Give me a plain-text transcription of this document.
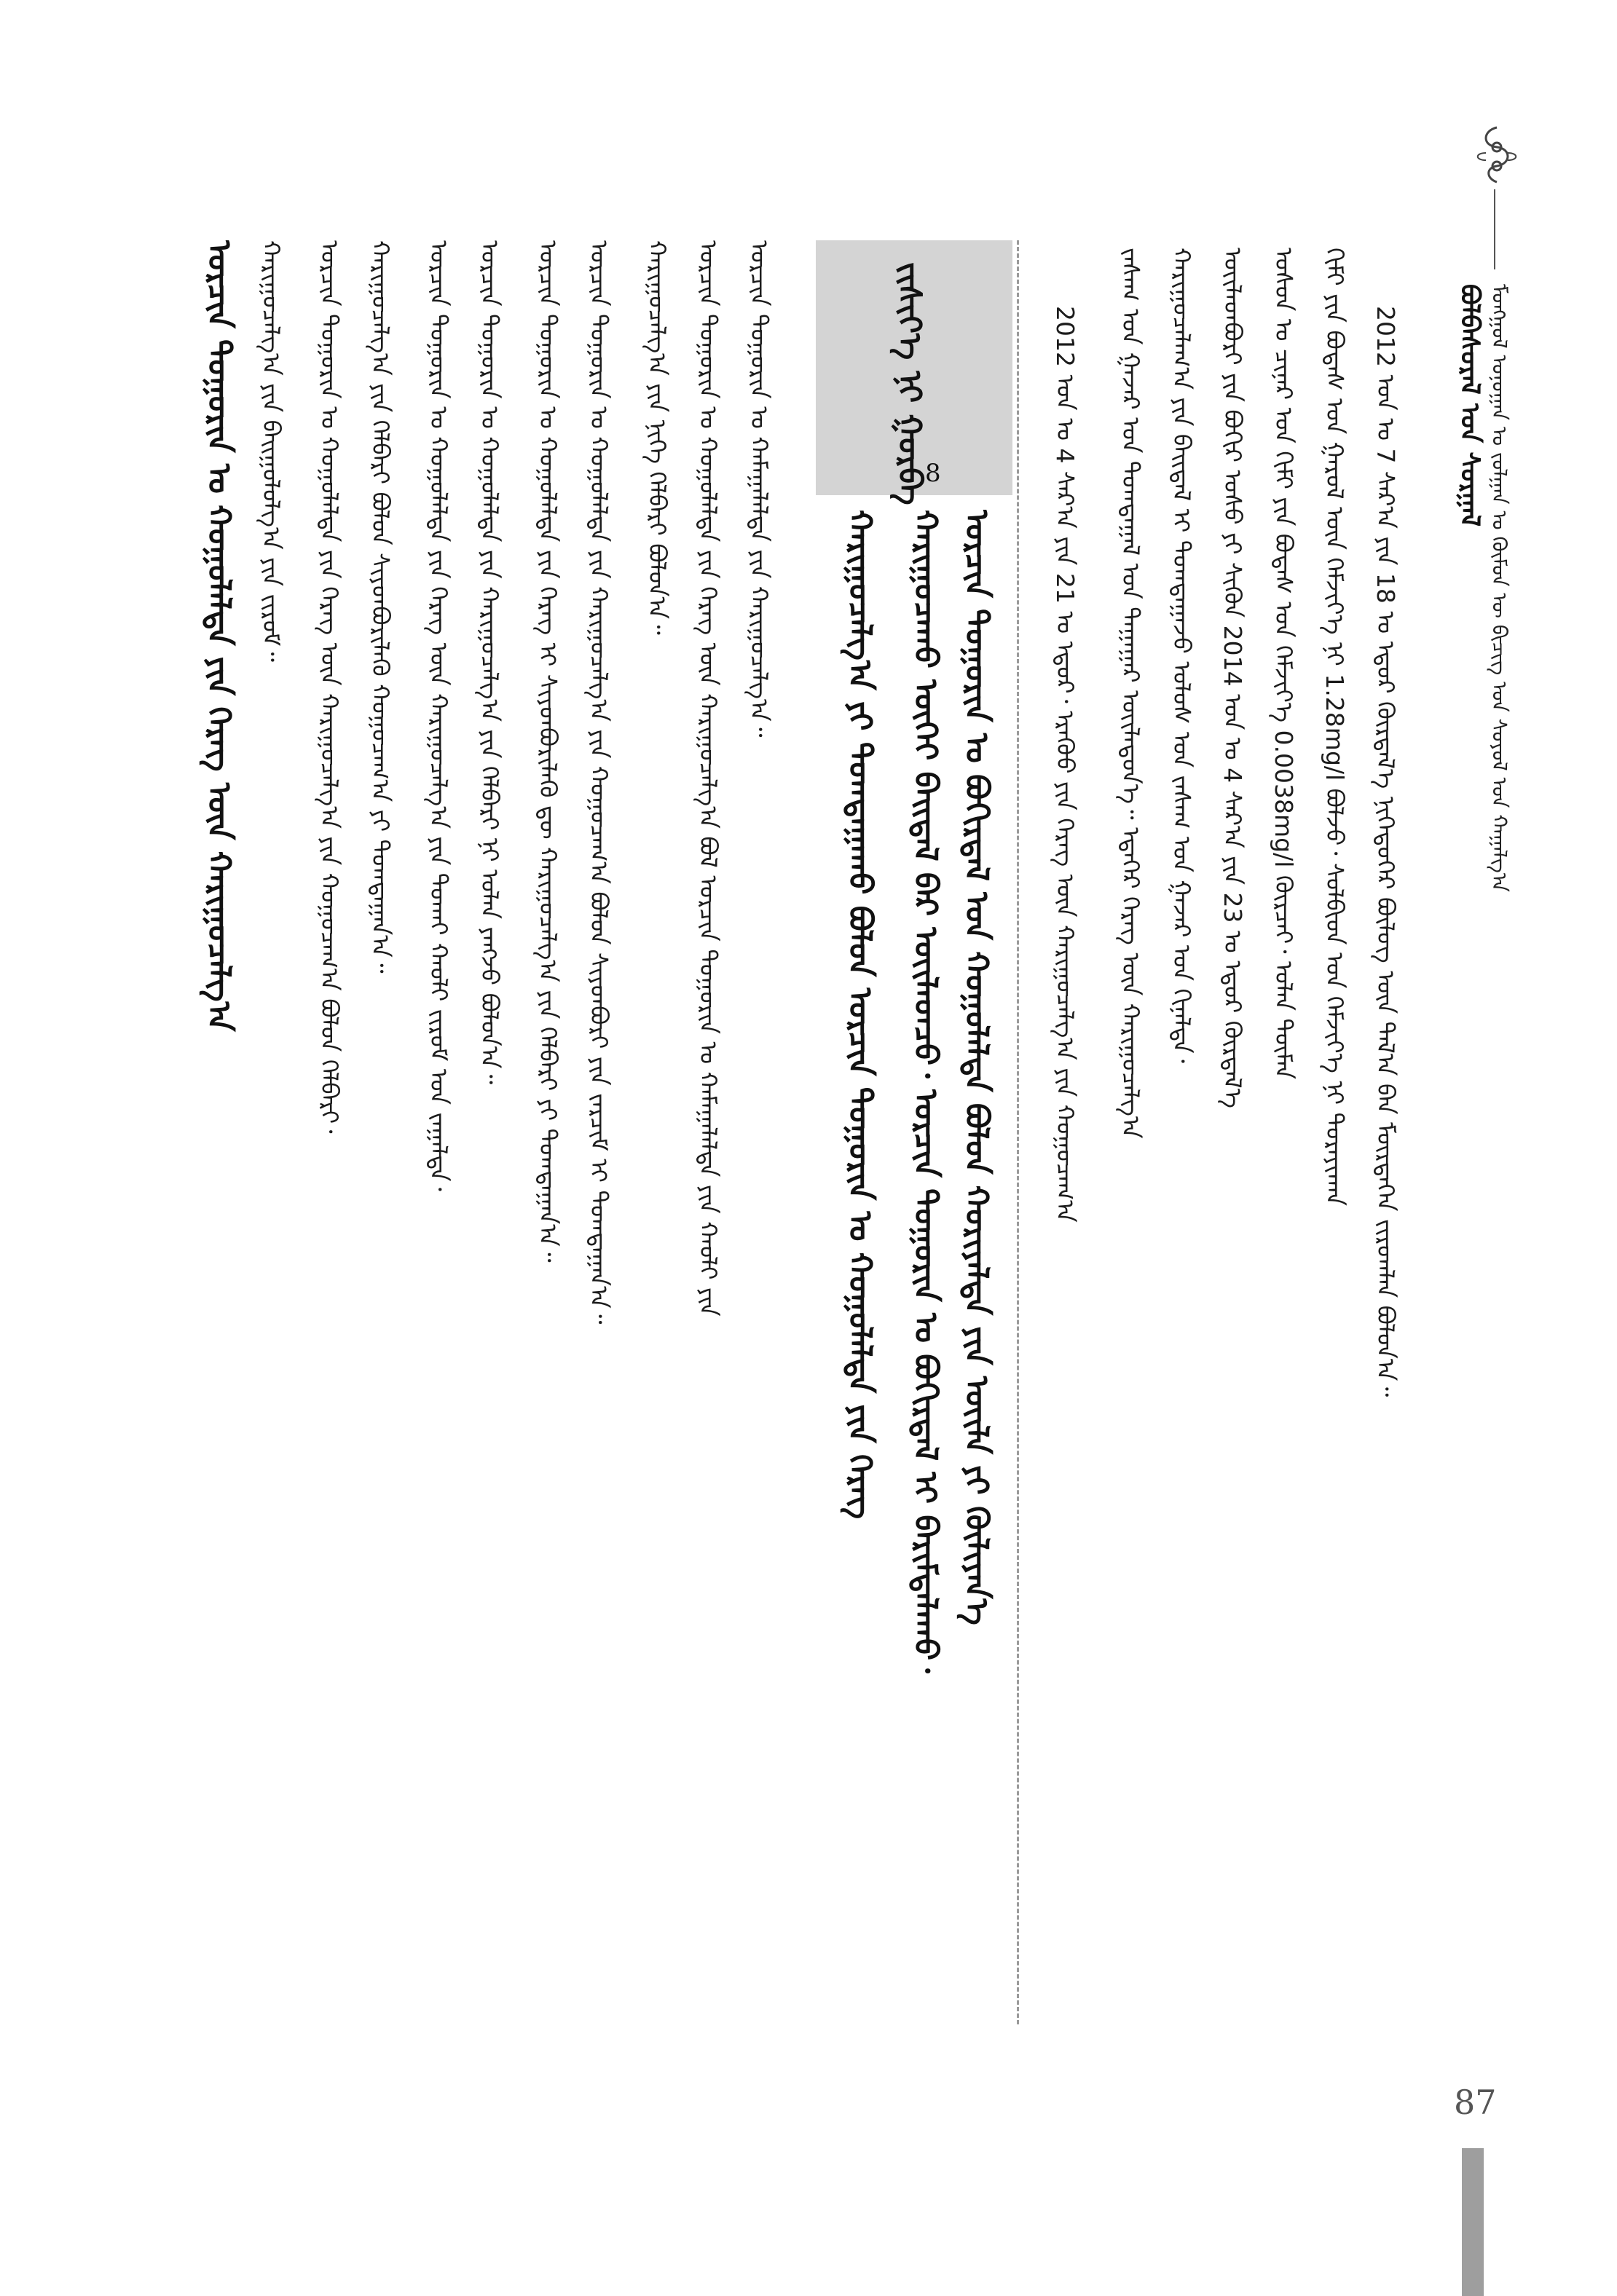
ᠮᠣᠩᠭᠣᠯ ᠤᠨᠤᠭᠠᠨ ᠤ ᠵᠣᠯᠭᠠᠨ ᠤ ᠬᠦᠮᠦᠨ ᠦ ᠪᠢᠴᠢᠭ ᠤᠨ ᠰᠣᠶᠤᠯ ᠤᠨ ᠬᠠᠭᠠᠯᠭ᠎ᠠ
ᠪᠣᠯᠪᠠᠰᠤᠷᠠᠯ ᠤᠨ ᠰᠤᠷᠭᠠᠯ
2012 ᠣᠨ ᠤ 7 ᠰᠠᠷ᠎ᠠ ᠶᠢᠨ 18 ᠤ ᠡᠳᠦᠷ ᠬᠦᠷᠲᠡᠯ᠎ᠡ ᠨᠢᠭᠡᠳᠦᠭᠡᠷ ᠪᠦᠯᠦᠭ ᠦᠨ ᠲᠠᠯ᠎ᠠ ᠪᠠᠨ ᠮᠥᠷᠲᠡᠭᠡᠨ ᠵᠢᠷᠤᠭᠯᠠᠨ ᠪᠣᠯᠤᠨ᠎ᠠ᠃
ᠬᠢᠮᠢ ᠶᠢᠨ ᠪᠣᠳᠠᠰ ᠤᠨ ᠭᠠᠷᠤᠯ ᠦᠨ ᠬᠡᠮᠵᠢᠶ᠎ᠡ ᠨᠢ 1.28mg/l ᠪᠣᠯᠵᠤ᠂ ᠰᠤᠯᠪᠢᠳ ᠤᠨ ᠬᠡᠮᠵᠢᠶ᠎ᠡ ᠨᠢ ᠳᠤᠷᠠᠶᠢᠬᠠᠨ
ᠤᠰᠤᠨ ᠤ ᠴᠢᠨᠠᠷ ᠤᠨ ᠬᠢᠮᠢ ᠶᠢᠨ ᠪᠣᠳᠠᠰ ᠤᠨ ᠬᠡᠮᠵᠢᠶ᠎ᠡ 0.0038mg/l ᠬᠦᠷᠴᠡᠢ᠂ ᠣᠯᠠᠨ ᠲᠦᠮᠡᠨ
ᠦᠢᠯᠡᠳᠪᠦᠷᠢ ᠶᠢᠨ ᠪᠣᠬᠢᠷ ᠤᠰᠤ ᠶᠢ ᠰᠢᠭᠦᠨ 2014 ᠣᠨ ᠤ 4 ᠰᠠᠷ᠎ᠠ ᠶᠢᠨ 23 ᠤ ᠡᠳᠦᠷ ᠬᠦᠷᠲᠡᠯ᠎ᠡ
ᠬᠠᠷᠢᠭᠤᠴᠠᠯᠠᠭ᠎ᠠ ᠶᠢᠨ ᠪᠠᠢᠳᠠᠯ ᠢ ᠲᠣᠭᠲᠠᠭᠠᠵᠤ ᠤᠯᠤᠰ ᠤᠨ ᠵᠠᠰᠠᠭ ᠤᠨ ᠭᠠᠵᠠᠷ ᠤᠨ ᠬᠢᠨᠠᠯᠲᠠ᠂
ᠵᠠᠰᠠᠭ ᠤᠨ ᠭᠠᠵᠠᠷ ᠤᠨ ᠲᠣᠭᠲᠠᠭᠠᠯ ᠤᠨ ᠳᠠᠭᠠᠭᠠᠷ ᠦᠢᠯᠡᠳᠦᠨ᠎ᠡ᠃ ᠡᠳᠡᠭᠡᠷ ᠬᠡᠷᠡᠭ ᠦᠨ ᠬᠠᠷᠢᠭᠤᠴᠠᠯᠭ᠎ᠠ
2012 ᠣᠨ ᠤ 4 ᠰᠠᠷ᠎ᠠ ᠶᠢᠨ 21 ᠤ ᠡᠳᠦᠷ᠂ ᠡᠷᠡᠭᠦᠦ ᠶᠢᠨ ᠬᠡᠷᠡᠭ ᠦᠨ ᠬᠠᠷᠢᠭᠤᠴᠠᠯᠭ᠎ᠠ ᠶᠢᠨ ᠬᠤᠭᠤᠴᠠᠭ᠎ᠠ
ᠵᠢᠱᠢᠶ᠎ᠡ ᠨᠢ ᠭᠤᠷᠪᠠ
8
ᠣᠷᠴᠢᠨ ᠲᠣᠭᠣᠷᠢᠨ ᠤ ᠪᠣᠬᠢᠷᠳᠠᠯ ᠤᠨ ᠬᠤᠭᠤᠯᠠᠯᠲᠠ ᠪᠣᠯᠤᠨ ᠬᠤᠷᠢᠶᠠᠯᠲᠠ ᠶᠢᠨ ᠦᠢᠯᠡ ᠶᠢ ᠬᠦᠯᠢᠶᠡᠨ᠎ᠡ
ᠬᠠᠷᠢᠭᠤᠴᠠᠬᠤ ᠦᠭᠡᠢ ᠪᠠᠢᠳᠠᠯ ᠪᠠᠷ ᠦᠢᠯᠡᠳᠴᠦ᠂ ᠣᠷᠴᠢᠨ ᠲᠣᠭᠣᠷᠢᠨ ᠤ ᠪᠣᠬᠢᠷᠳᠠᠯ ᠢ ᠪᠠᠷᠢᠮᠲᠠᠯᠠᠬᠤ᠂
ᠬᠠᠷᠢᠭᠤᠴᠠᠯᠭ᠎ᠠ ᠶᠢ ᠲᠣᠭᠲᠠᠭᠠᠬᠤ ᠪᠣᠯᠤᠨ ᠣᠷᠴᠢᠨ ᠲᠣᠭᠣᠷᠢᠨ ᠤ ᠬᠤᠭᠤᠯᠠᠯᠲᠠ ᠶᠢᠨ ᠬᠡᠷᠡᠭ
ᠣᠷᠴᠢᠨ ᠲᠣᠭᠣᠷᠢᠨ ᠤ ᠬᠠᠮᠠᠭᠠᠯᠠᠯᠲᠠ ᠶᠢᠨ ᠬᠠᠷᠢᠭᠤᠴᠠᠯᠭ᠎ᠠ᠃
ᠣᠷᠴᠢᠨ ᠲᠣᠭᠣᠷᠢᠨ ᠤ ᠬᠤᠭᠤᠯᠠᠯᠲᠠ ᠶᠢᠨ ᠬᠡᠷᠡᠭ ᠦᠨ ᠬᠠᠷᠢᠭᠤᠴᠠᠯᠭ᠎ᠠ ᠪᠣᠯ ᠣᠷᠴᠢᠨ ᠲᠣᠭᠣᠷᠢᠨ ᠤ ᠬᠠᠮᠠᠭᠠᠯᠠᠯᠲᠠ ᠶᠢᠨ ᠬᠠᠤᠯᠢ ᠶᠢᠨ
ᠬᠠᠷᠢᠭᠤᠴᠠᠯᠭ᠎ᠠ ᠶᠢᠨ ᠨᠢᠭᠡ ᠬᠡᠯᠪᠡᠷᠢ ᠪᠣᠯᠤᠨ᠎ᠠ᠃
ᠣᠷᠴᠢᠨ ᠲᠣᠭᠣᠷᠢᠨ ᠤ ᠬᠤᠭᠤᠯᠠᠯᠲᠠ ᠶᠢᠨ ᠬᠠᠷᠢᠭᠤᠴᠠᠯᠭ᠎ᠠ ᠶᠢᠨ ᠬᠤᠭᠤᠴᠠᠭ᠎ᠠ ᠪᠣᠯᠤᠨ ᠰᠢᠶᠳᠪᠦᠷᠢ ᠶᠢᠨ ᠵᠠᠷᠴᠢᠮ ᠢ ᠲᠣᠭᠲᠠᠭᠠᠨ᠎ᠠ᠃
ᠣᠷᠴᠢᠨ ᠲᠣᠭᠣᠷᠢᠨ ᠤ ᠬᠤᠭᠤᠯᠠᠯᠲᠠ ᠶᠢᠨ ᠬᠡᠷᠡᠭ ᠢ ᠰᠢᠶᠳᠪᠦᠷᠢᠯᠡᠬᠦ ᠳᠦ ᠬᠠᠷᠢᠭᠤᠴᠠᠯᠭ᠎ᠠ ᠶᠢᠨ ᠬᠡᠯᠪᠡᠷᠢ ᠶᠢ ᠲᠣᠭᠲᠠᠭᠠᠨ᠎ᠠ᠃
ᠣᠷᠴᠢᠨ ᠲᠣᠭᠣᠷᠢᠨ ᠤ ᠬᠤᠭᠤᠯᠠᠯᠲᠠ ᠶᠢᠨ ᠬᠠᠷᠢᠭᠤᠴᠠᠯᠭ᠎ᠠ ᠶᠢᠨ ᠬᠡᠯᠪᠡᠷᠢ ᠨᠢ ᠣᠯᠠᠨ ᠶᠠᠩᠵᠤ ᠪᠣᠯᠤᠨ᠎ᠠ᠃
ᠣᠷᠴᠢᠨ ᠲᠣᠭᠣᠷᠢᠨ ᠤ ᠬᠤᠭᠤᠯᠠᠯᠲᠠ ᠶᠢᠨ ᠬᠡᠷᠡᠭ ᠦᠨ ᠬᠠᠷᠢᠭᠤᠴᠠᠯᠭ᠎ᠠ ᠶᠢᠨ ᠲᠤᠬᠠᠢ ᠬᠠᠤᠯᠢ ᠵᠢᠷᠤᠮ ᠤᠨ ᠵᠠᠭᠠᠯᠲᠠ᠂
ᠬᠠᠷᠢᠭᠤᠴᠠᠯᠭ᠎ᠠ ᠶᠢᠨ ᠬᠡᠯᠪᠡᠷᠢ ᠪᠣᠯᠤᠨ ᠰᠢᠶᠳᠪᠦᠷᠢᠯᠡᠬᠦ ᠬᠤᠭᠤᠴᠠᠭ᠎ᠠ ᠶᠢ ᠲᠣᠭᠲᠠᠭᠠᠨ᠎ᠠ᠃
ᠣᠷᠴᠢᠨ ᠲᠣᠭᠣᠷᠢᠨ ᠤ ᠬᠤᠭᠤᠯᠠᠯᠲᠠ ᠶᠢᠨ ᠬᠡᠷᠡᠭ ᠦᠨ ᠬᠠᠷᠢᠭᠤᠴᠠᠯᠭ᠎ᠠ ᠶᠢᠨ ᠬᠤᠭᠤᠴᠠᠭ᠎ᠠ ᠪᠣᠯᠤᠨ ᠬᠡᠯᠪᠡᠷᠢ᠂
ᠬᠠᠷᠢᠭᠤᠴᠠᠯᠭ᠎ᠠ ᠶᠢᠨ ᠪᠠᠢᠭᠤᠯᠤᠯᠭ᠎ᠠ ᠶᠢᠨ ᠵᠢᠷᠤᠮ᠃
ᠣᠷᠴᠢᠨ ᠲᠣᠭᠣᠷᠢᠨ ᠤ ᠬᠤᠭᠤᠯᠠᠯᠲᠠ ᠶᠢᠨ ᠬᠡᠷᠡᠭ ᠦᠨ ᠬᠠᠷᠢᠭᠤᠴᠠᠯᠭ᠎ᠠ
87
